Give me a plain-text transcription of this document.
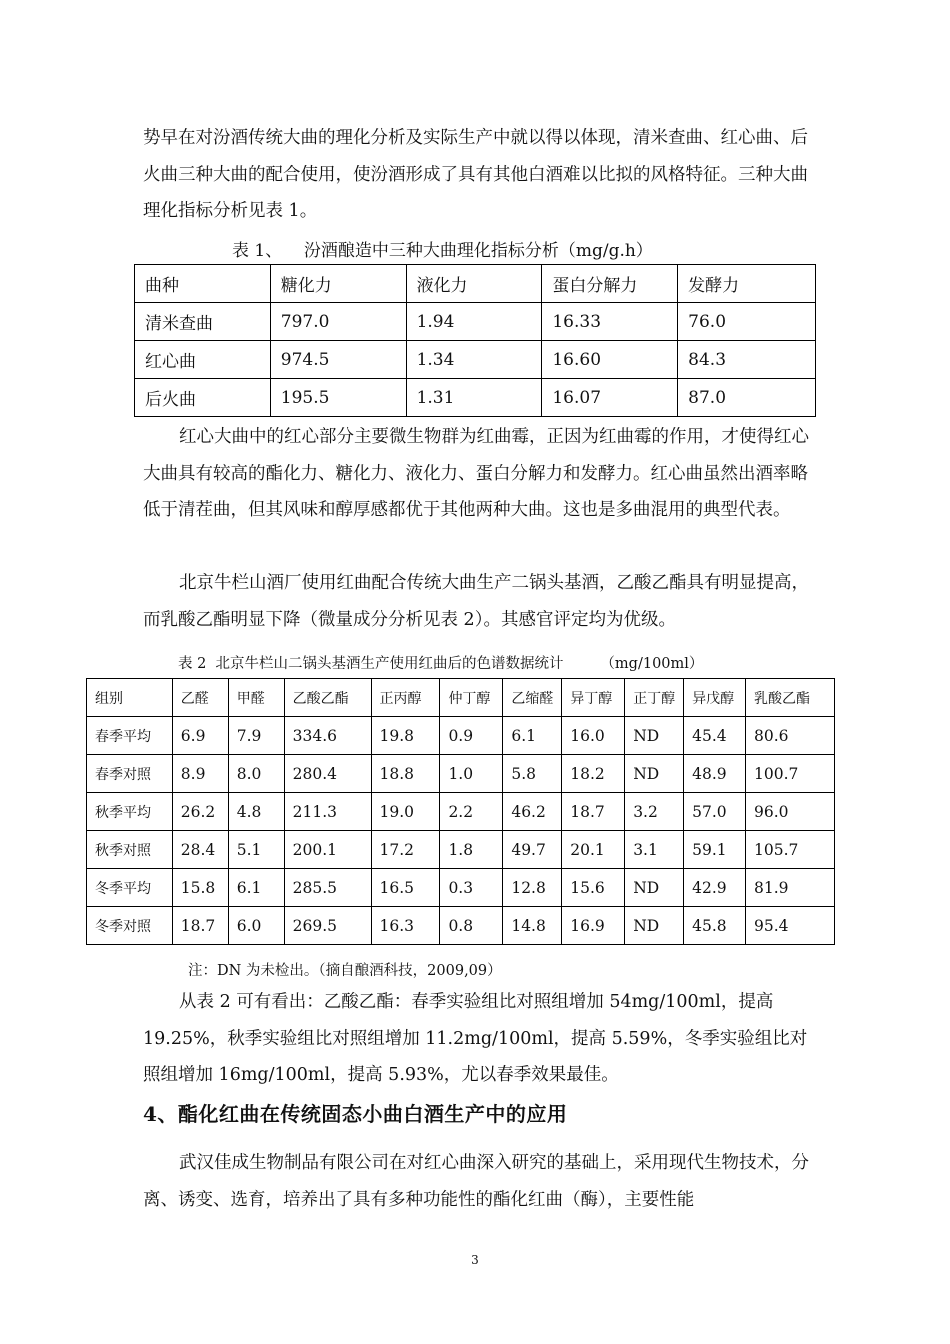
势早在对汾酒传统大曲的理化分析及实际生产中就以得以体现，清米查曲、红心曲、后火曲三种大曲的配合使用，使汾酒形成了具有其他白酒难以比拟的风格特征。三种大曲理化指标分析见表 1。

表 1、    汾酒酿造中三种大曲理化指标分析（mg/g.h）
曲种	糖化力	液化力	蛋白分解力	发酵力
清米查曲	797.0	1.94	16.33	76.0
红心曲	974.5	1.34	16.60	84.3
后火曲	195.5	1.31	16.07	87.0

红心大曲中的红心部分主要微生物群为红曲霉，正因为红曲霉的作用，才使得红心大曲具有较高的酯化力、糖化力、液化力、蛋白分解力和发酵力。红心曲虽然出酒率略低于清茬曲，但其风味和醇厚感都优于其他两种大曲。这也是多曲混用的典型代表。

北京牛栏山酒厂使用红曲配合传统大曲生产二锅头基酒，乙酸乙酯具有明显提高，而乳酸乙酯明显下降（微量成分分析见表 2）。其感官评定均为优级。

表 2  北京牛栏山二锅头基酒生产使用红曲后的色谱数据统计        （mg/100ml）
组别	乙醛	甲醛	乙酸乙酯	正丙醇	仲丁醇	乙缩醛	异丁醇	正丁醇	异戊醇	乳酸乙酯
春季平均	6.9	7.9	334.6	19.8	0.9	6.1	16.0	ND	45.4	80.6
春季对照	8.9	8.0	280.4	18.8	1.0	5.8	18.2	ND	48.9	100.7
秋季平均	26.2	4.8	211.3	19.0	2.2	46.2	18.7	3.2	57.0	96.0
秋季对照	28.4	5.1	200.1	17.2	1.8	49.7	20.1	3.1	59.1	105.7
冬季平均	15.8	6.1	285.5	16.5	0.3	12.8	15.6	ND	42.9	81.9
冬季对照	18.7	6.0	269.5	16.3	0.8	14.8	16.9	ND	45.8	95.4
注：DN 为未检出。（摘自酿酒科技，2009,09）

从表 2 可有看出：乙酸乙酯：春季实验组比对照组增加 54mg/100ml，提高 19.25%，秋季实验组比对照组增加 11.2mg/100ml，提高 5.59%，冬季实验组比对照组增加 16mg/100ml，提高 5.93%，尤以春季效果最佳。

4、酯化红曲在传统固态小曲白酒生产中的应用

武汉佳成生物制品有限公司在对红心曲深入研究的基础上，采用现代生物技术，分离、诱变、选育，培养出了具有多种功能性的酯化红曲（酶），主要性能

3
